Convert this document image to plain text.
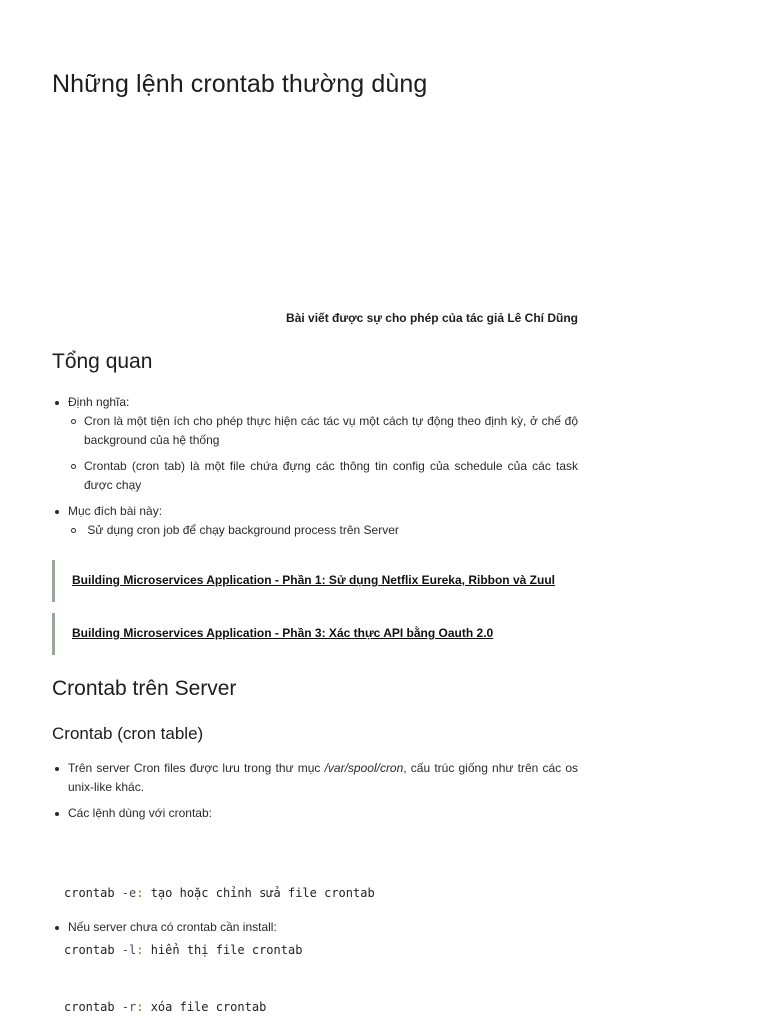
Những lệnh crontab thường dùng
Bài viết được sự cho phép của tác giả Lê Chí Dũng
Tổng quan
Định nghĩa:
Cron là một tiện ích cho phép thực hiện các tác vụ một cách tự động theo định kỳ, ở chế độ background của hệ thống
Crontab (cron tab) là một file chứa đựng các thông tin config của schedule của các task được chạy
Mục đích bài này:
Sử dụng cron job để chạy background process trên Server
Building Microservices Application - Phần 1: Sử dụng Netflix Eureka, Ribbon và Zuul
Building Microservices Application - Phần 3: Xác thực API bằng Oauth 2.0
Crontab trên Server
Crontab (cron table)
Trên server Cron files được lưu trong thư mục /var/spool/cron, cấu trúc giống như trên các os unix-like khác.
Các lệnh dùng với crontab:

crontab -e: tạo hoặc chỉnh sửa file crontab

crontab -l: hiển thị file crontab

crontab -r: xóa file crontab

Nếu server chưa có crontab cần install:
